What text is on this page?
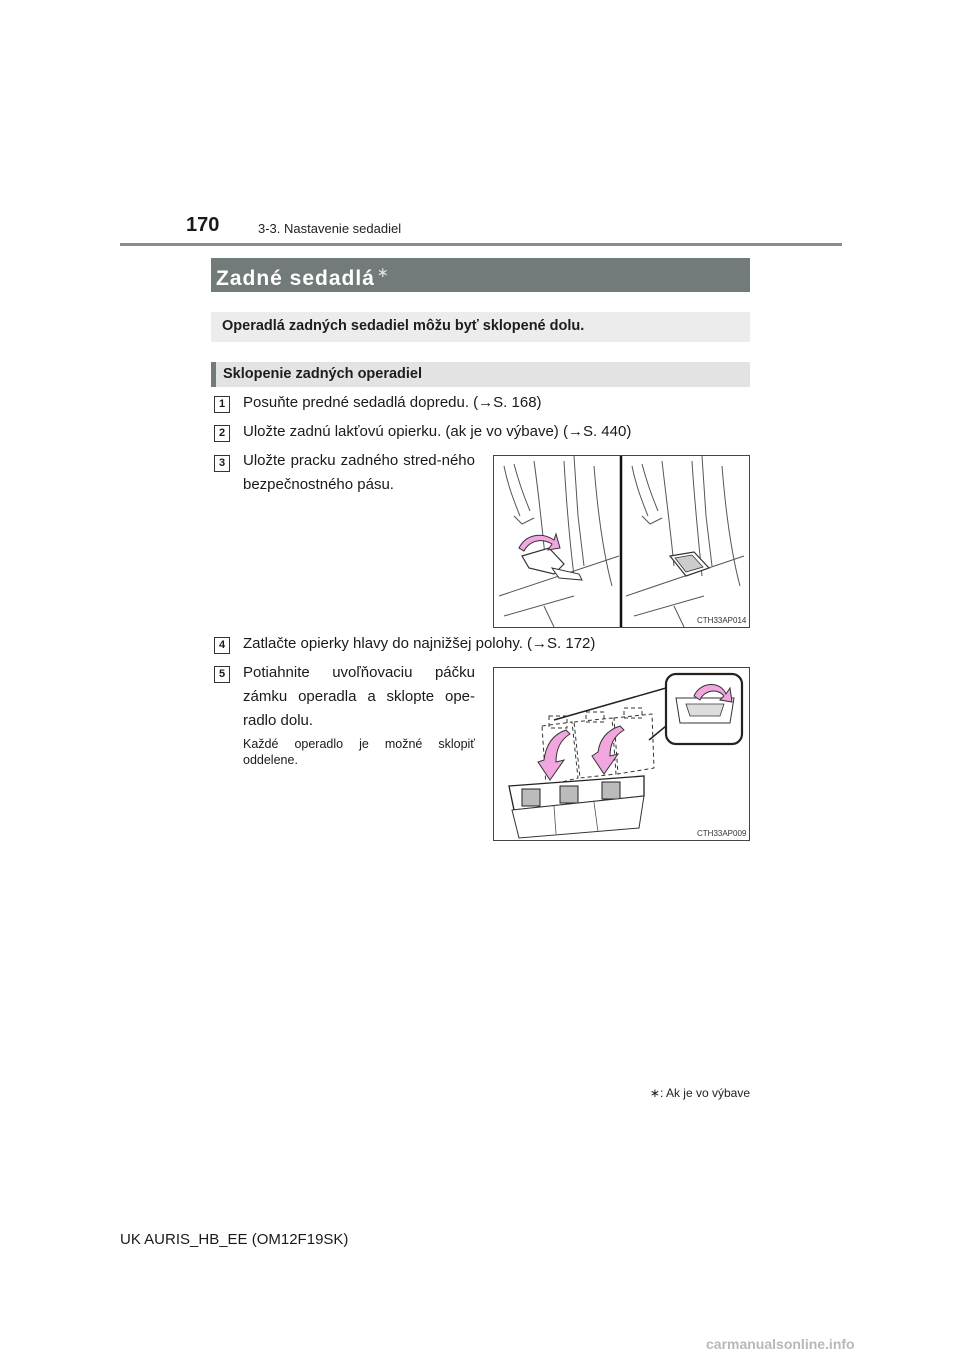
170	3-3. Nastavenie sedadiel
Zadné sedadlá ∗
Operadlá zadných sedadiel môžu byť sklopené dolu.
Sklopenie zadných operadiel
1	Posuňte predné sedadlá dopredu. (→S. 168)
2	Uložte zadnú lakťovú opierku. (ak je vo výbave) (→S. 440)
3	Uložte pracku zadného stred-ného bezpečnostného pásu.
CTH33AP014
4	Zatlačte opierky hlavy do najnižšej polohy. (→S. 172)
5	Potiahnite uvoľňovaciu páčku zámku operadla a sklopte ope-radlo dolu.
Každé operadlo je možné sklopiť oddelene.
CTH33AP009
∗: Ak je vo výbave
UK AURIS_HB_EE (OM12F19SK)
carmanualsonline.info
